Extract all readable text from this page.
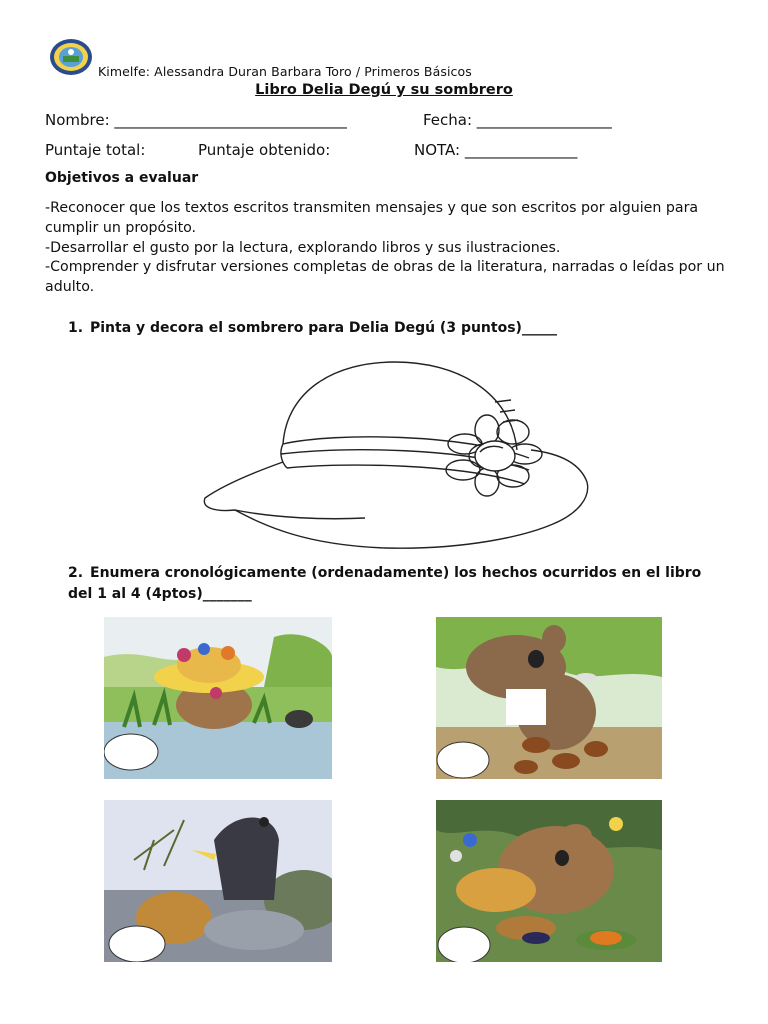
Kimelfe: Alessandra Duran Barbara Toro / Primeros Básicos
Libro Delia Degú y su sombrero
Nombre: _______________________________	Fecha: __________________
Puntaje total:	Puntaje obtenido:	NOTA: _______________
Objetivos a evaluar

-Reconocer que los textos escritos transmiten mensajes y que son escritos por alguien para cumplir un propósito.

-Desarrollar el gusto por la lectura, explorando libros y sus ilustraciones.

-Comprender y disfrutar versiones completas de obras de la literatura, narradas o leídas por un adulto.

1. Pinta y decora el sombrero para Delia Degú (3 puntos)_____
2. Enumera cronológicamente (ordenadamente) los hechos ocurridos en el libro del 1 al 4 (4ptos)_______
